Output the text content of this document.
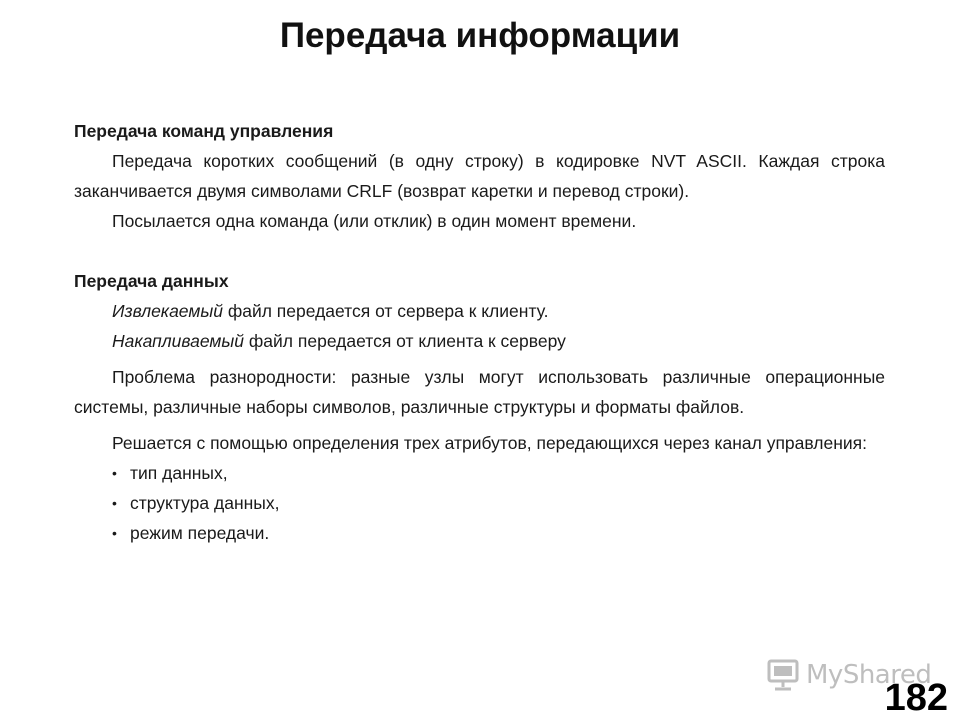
Передача информации

Передача команд управления

Передача коротких сообщений (в одну строку) в кодировке NVT ASCII. Каждая строка заканчивается двумя символами CRLF (возврат каретки и перевод строки).

Посылается одна команда (или отклик) в один момент времени.

Передача данных

Извлекаемый файл передается от сервера к клиенту.

Накапливаемый файл передается от клиента к серверу

Проблема разнородности: разные узлы могут использовать различные операционные системы, различные наборы символов, различные структуры и форматы файлов.

Решается с помощью определения трех атрибутов, передающихся через канал управления:

• тип данных,
• структура данных,
• режим передачи.
MyShared
182
